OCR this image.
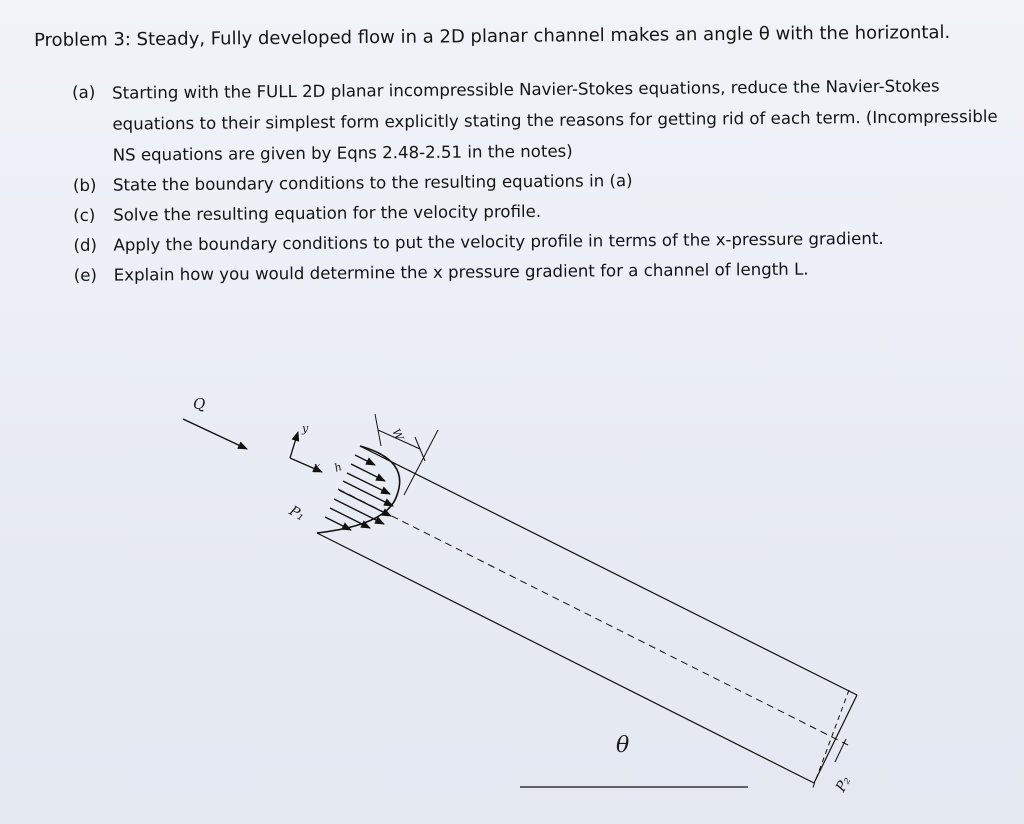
Problem 3: Steady, Fully developed flow in a 2D planar channel makes an angle θ with the horizontal.
(a)	Starting with the FULL 2D planar incompressible Navier-Stokes equations, reduce the Navier-Stokes equations to their simplest form explicitly stating the reasons for getting rid of each term. (Incompressible NS equations are given by Eqns 2.48-2.51 in the notes)
(b) State the boundary conditions to the resulting equations in (a)
(c)	Solve the resulting equation for the velocity profile.
(d) Apply the boundary conditions to put the velocity profile in terms of the x-pressure gradient.
(e)	Explain how you would determine the x pressure gradient for a channel of length L.
Q
y
x
W
h
P₁
P₂
θ
